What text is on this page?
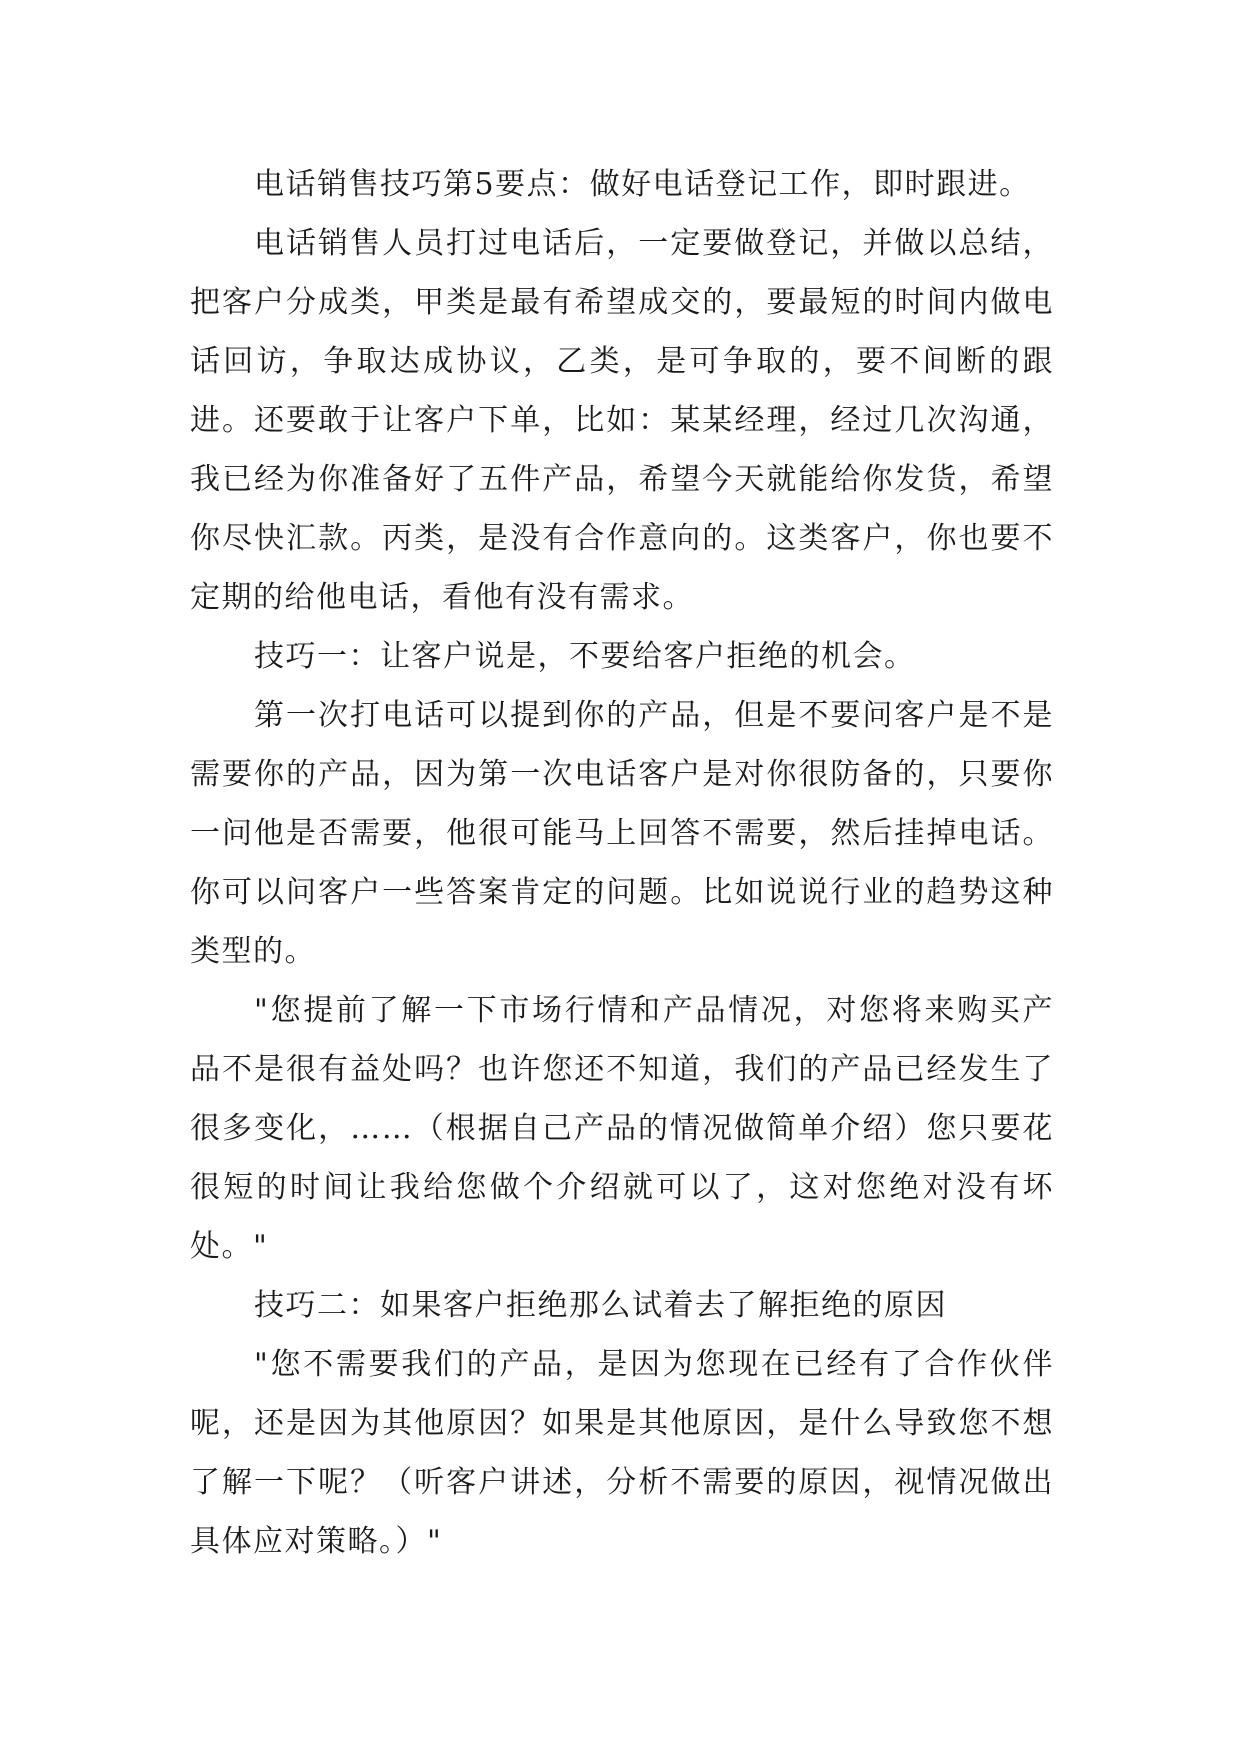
电话销售技巧第5要点：做好电话登记工作，即时跟进。

电话销售人员打过电话后，一定要做登记，并做以总结，把客户分成类，甲类是最有希望成交的，要最短的时间内做电话回访，争取达成协议，乙类，是可争取的，要不间断的跟进。还要敢于让客户下单，比如：某某经理，经过几次沟通，我已经为你准备好了五件产品，希望今天就能给你发货，希望你尽快汇款。丙类，是没有合作意向的。这类客户，你也要不定期的给他电话，看他有没有需求。

技巧一：让客户说是，不要给客户拒绝的机会。

第一次打电话可以提到你的产品，但是不要问客户是不是需要你的产品，因为第一次电话客户是对你很防备的，只要你一问他是否需要，他很可能马上回答不需要，然后挂掉电话。你可以问客户一些答案肯定的问题。比如说说行业的趋势这种类型的。

"您提前了解一下市场行情和产品情况，对您将来购买产品不是很有益处吗？也许您还不知道，我们的产品已经发生了很多变化，……（根据自己产品的情况做简单介绍）您只要花很短的时间让我给您做个介绍就可以了，这对您绝对没有坏处。"

技巧二：如果客户拒绝那么试着去了解拒绝的原因

"您不需要我们的产品，是因为您现在已经有了合作伙伴呢，还是因为其他原因？如果是其他原因，是什么导致您不想了解一下呢？（听客户讲述，分析不需要的原因，视情况做出具体应对策略。）"
